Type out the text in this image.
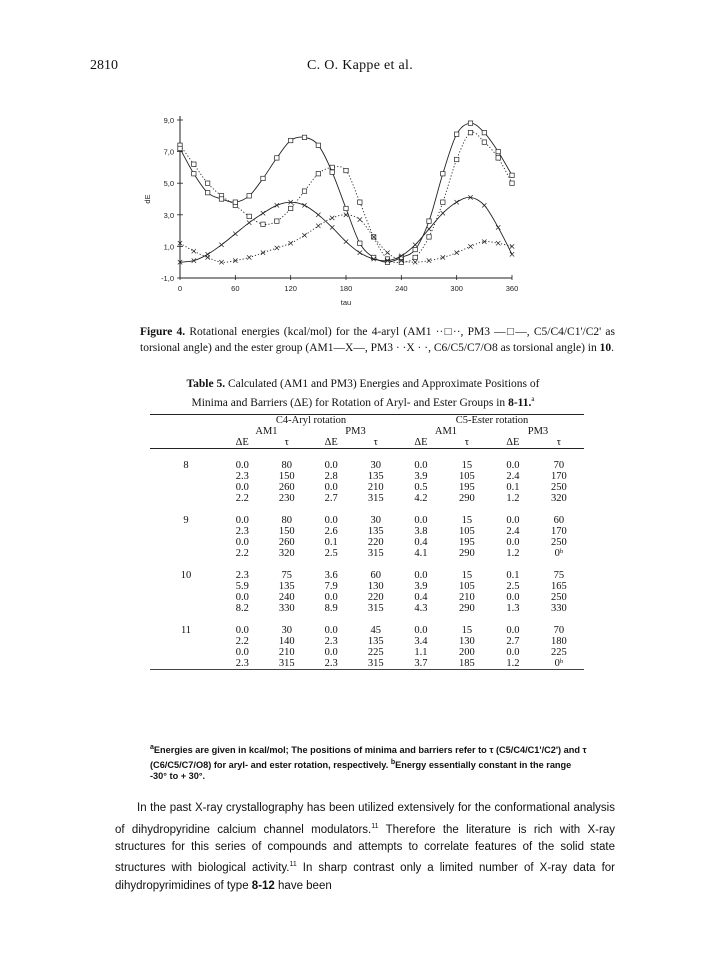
2810	C. O. Kappe et al.
9,0
7,0
5,0
3,0
1,0
-1,0
0	60	120	180	240	300	360
tau
dE
Figure 4. Rotational energies (kcal/mol) for the 4-aryl (AM1 ··□··, PM3 —□—, C5/C4/C1'/C2' as torsional angle) and the ester group (AM1—X—, PM3 · ·X · ·, C6/C5/C7/O8 as torsional angle) in 10.
Table 5. Calculated (AM1 and PM3) Energies and Approximate Positions of Minima and Barriers (ΔE) for Rotation of Aryl- and Ester Groups in 8-11.$^a$
	C4-Aryl rotation				C5-Ester rotation			
	AM1		PM3		AM1		PM3	
	ΔE	τ	ΔE	τ	ΔE	τ	ΔE	τ

8	0.0	80	0.0	30	0.0	15	0.0	70
	2.3	150	2.8	135	3.9	105	2.4	170
	0.0	260	0.0	210	0.5	195	0.1	250
	2.2	230	2.7	315	4.2	290	1.2	320

9	0.0	80	0.0	30	0.0	15	0.0	60
	2.3	150	2.6	135	3.8	105	2.4	170
	0.0	260	0.1	220	0.4	195	0.0	250
	2.2	320	2.5	315	4.1	290	1.2	0ᵇ

10	2.3	75	3.6	60	0.0	15	0.1	75
	5.9	135	7.9	130	3.9	105	2.5	165
	0.0	240	0.0	220	0.4	210	0.0	250
	8.2	330	8.9	315	4.3	290	1.3	330

11	0.0	30	0.0	45	0.0	15	0.0	70
	2.2	140	2.3	135	3.4	130	2.7	180
	0.0	210	0.0	225	1.1	200	0.0	225
	2.3	315	2.3	315	3.7	185	1.2	0ᵇ
$^a$Energies are given in kcal/mol; The positions of minima and barriers refer to τ (C5/C4/C1'/C2') and τ (C6/C5/C7/O8) for aryl- and ester rotation, respectively. $^b$Energy essentially constant in the range -30° to + 30°.

In the past X-ray crystallography has been utilized extensively for the conformational analysis of dihydropyridine calcium channel modulators.$^{11}$ Therefore the literature is rich with X-ray structures for this series of compounds and attempts to correlate features of the solid state structures with biological activity.$^{11}$ In sharp contrast only a limited number of X-ray data for dihydropyrimidines of type 8-12 have been
